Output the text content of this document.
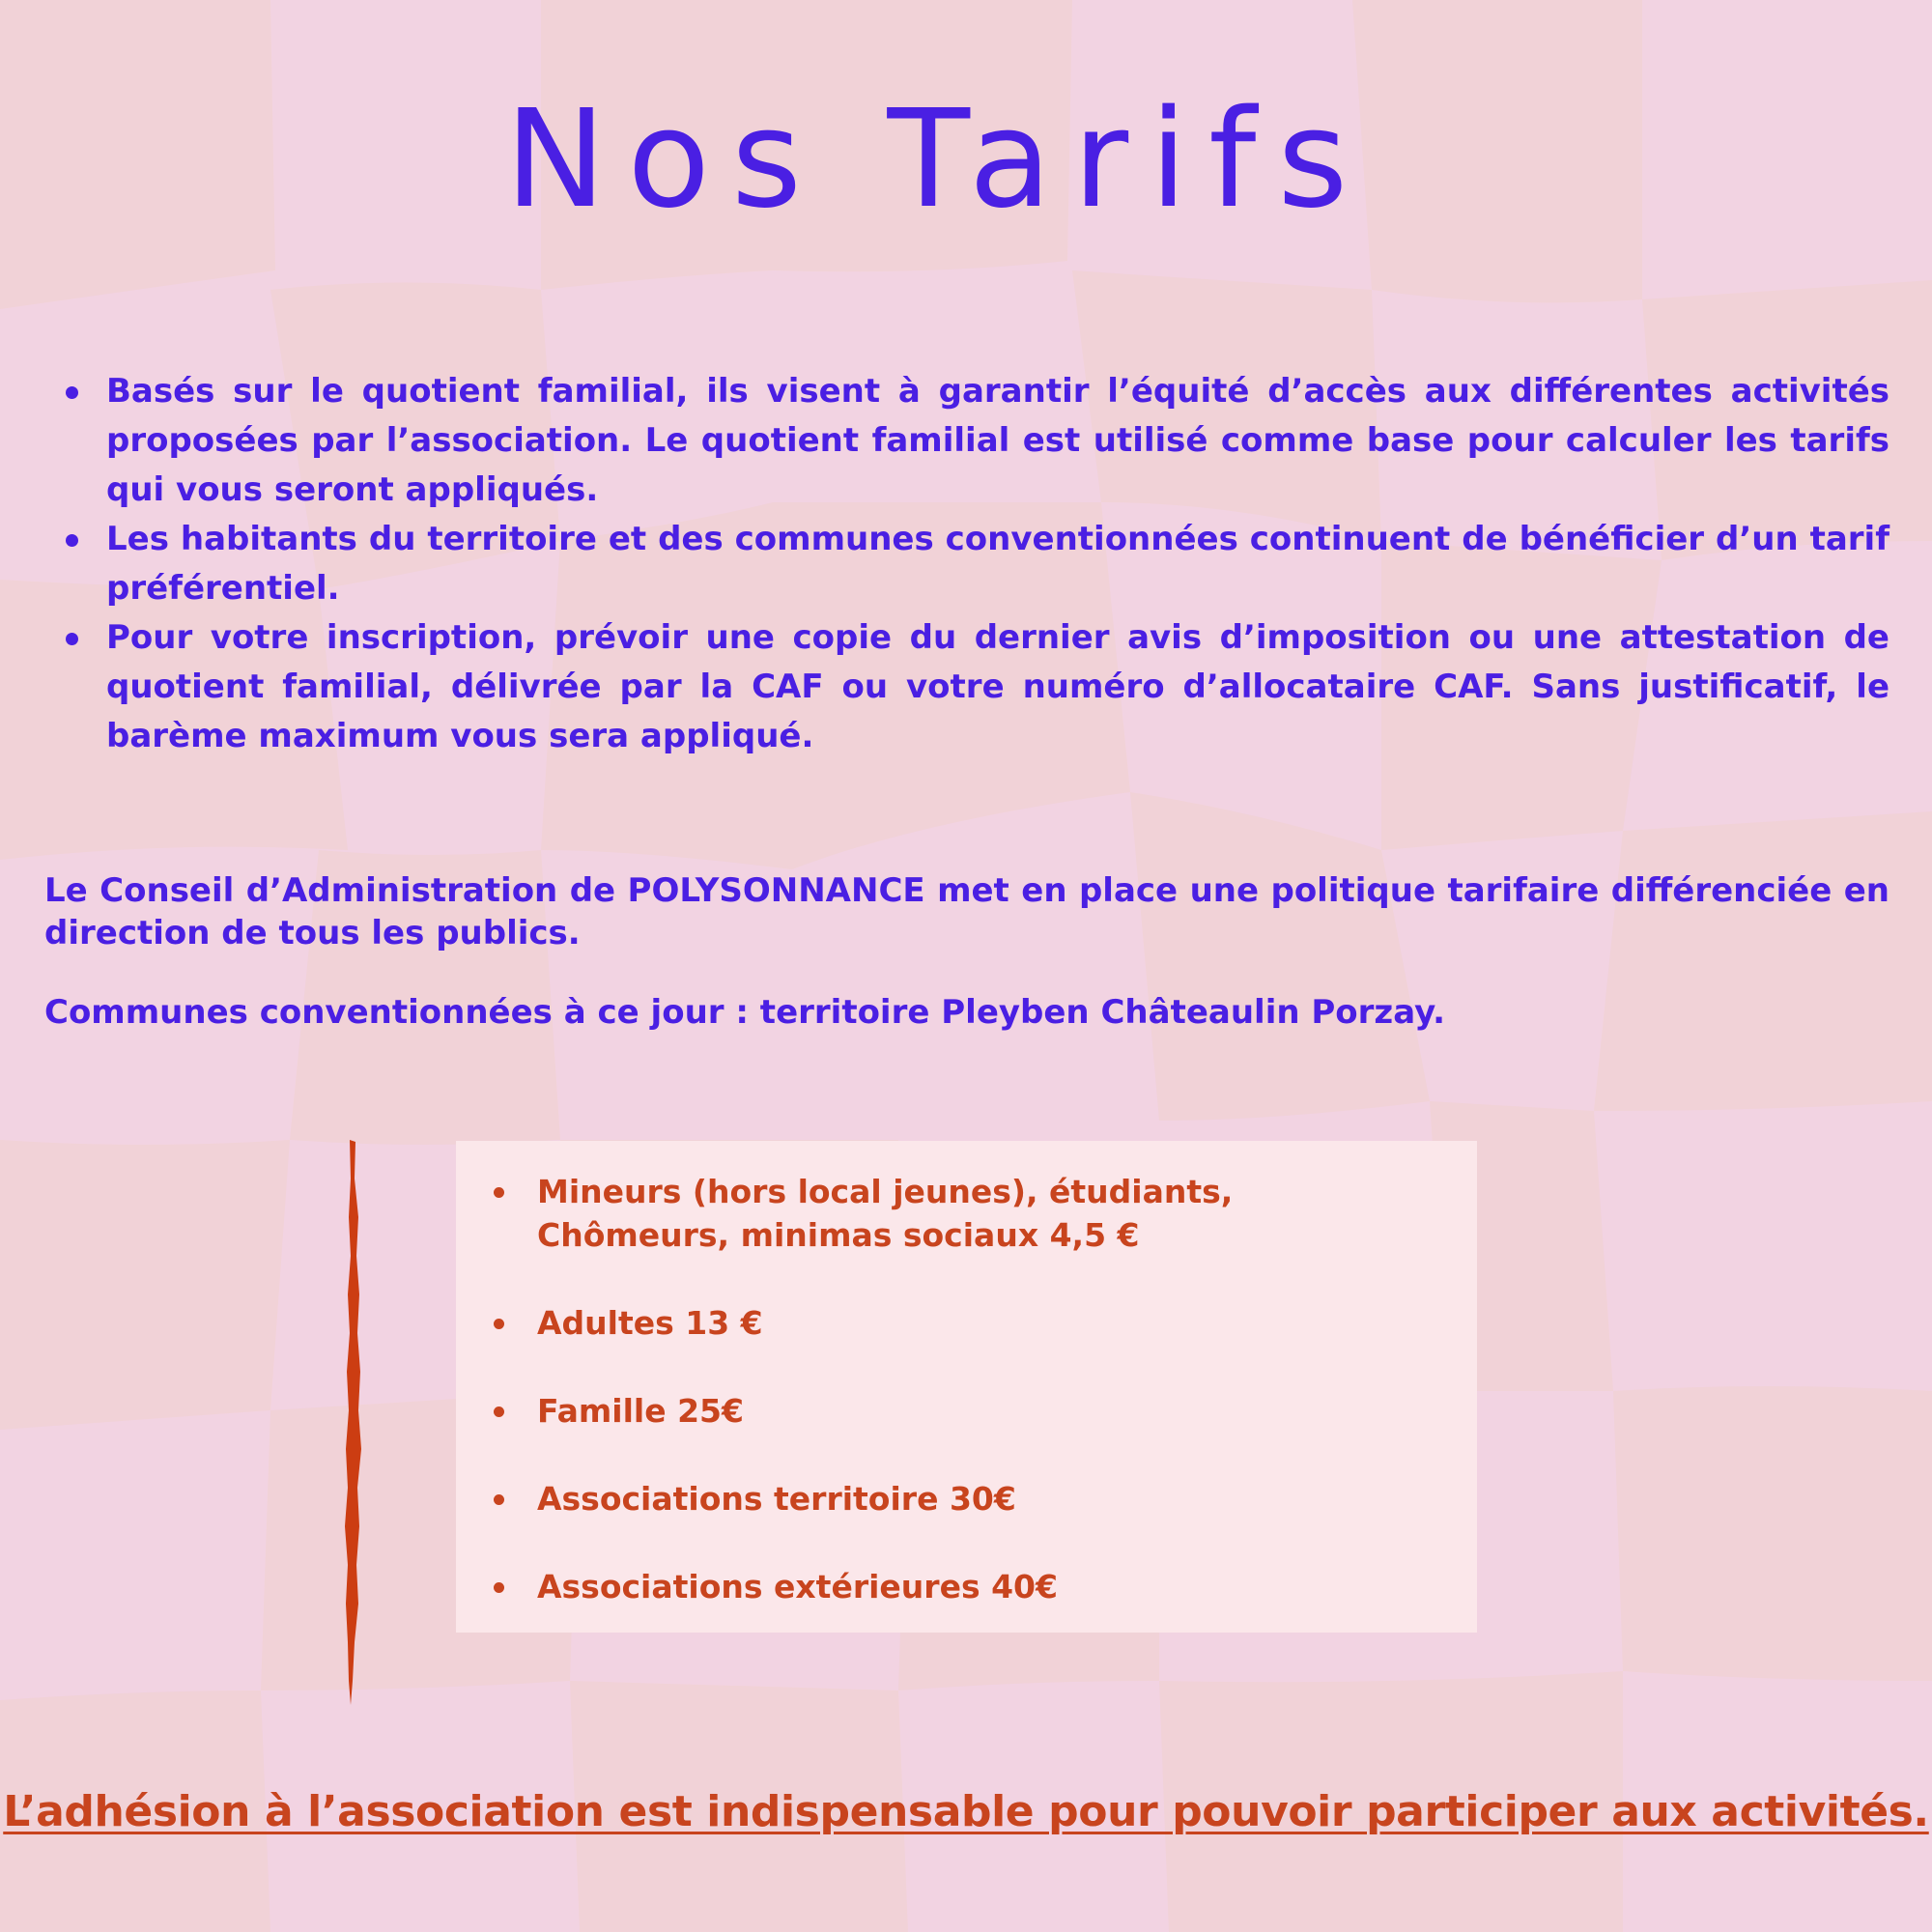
Nos Tarifs
Basés sur le quotient familial, ils visent à garantir l’équité d’accès aux différentes activités proposées par l’association. Le quotient familial est utilisé comme base pour calculer les tarifs qui vous seront appliqués.
Les habitants du territoire et des communes conventionnées continuent de bénéficier d’un tarif préférentiel.
Pour votre inscription, prévoir une copie du dernier avis d’imposition ou une attestation de quotient familial, délivrée par la CAF ou votre numéro d’allocataire CAF. Sans justificatif, le barème maximum vous sera appliqué.

Le Conseil d’Administration de POLYSONNANCE met en place une politique tarifaire différenciée en direction de tous les publics.

Communes conventionnées à ce jour : territoire Pleyben Châteaulin Porzay.

Mineurs (hors local jeunes), étudiants, Chômeurs, minimas sociaux 4,5 €
Adultes 13 €
Famille 25€
Associations territoire 30€
Associations extérieures 40€

L’adhésion à l’association est indispensable pour pouvoir participer aux activités.
